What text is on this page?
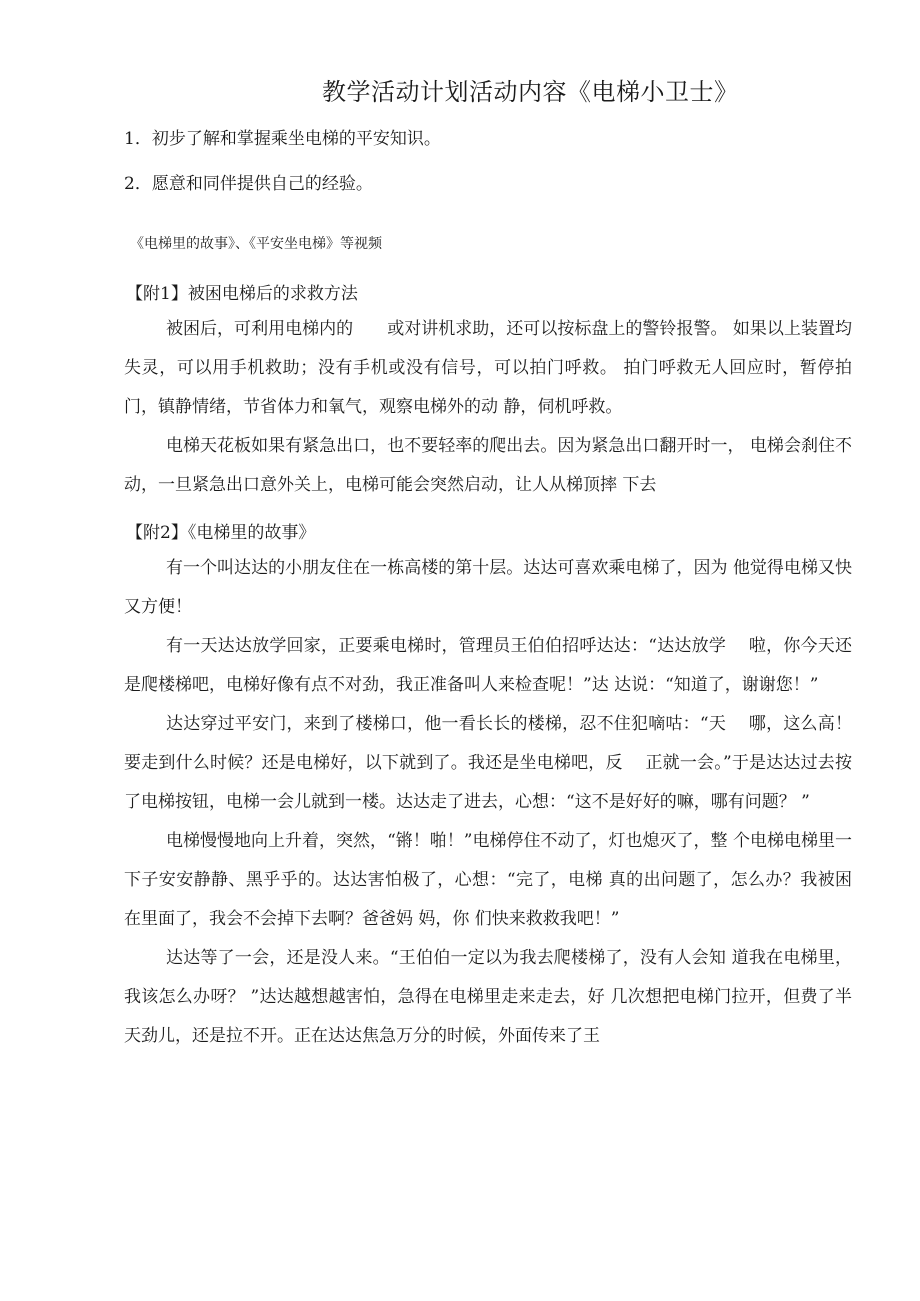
教学活动计划活动内容《电梯小卫士》
1．初步了解和掌握乘坐电梯的平安知识。
2．愿意和同伴提供自己的经验。
《电梯里的故事》、《平安坐电梯》等视频
【附1】被困电梯后的求救方法

被困后，可利用电梯内的　　或对讲机求助，还可以按标盘上的警铃报警。 如果以上装置均失灵，可以用手机救助；没有手机或没有信号，可以拍门呼救。 拍门呼救无人回应时，暂停拍门，镇静情绪，节省体力和氧气，观察电梯外的动 静，伺机呼救。

电梯天花板如果有紧急出口，也不要轻率的爬出去。因为紧急出口翻开时一， 电梯会刹住不动，一旦紧急出口意外关上，电梯可能会突然启动，让人从梯顶摔 下去

【附2】《电梯里的故事》

有一个叫达达的小朋友住在一栋高楼的第十层。达达可喜欢乘电梯了，因为 他觉得电梯又快又方便！

有一天达达放学回家，正要乘电梯时，管理员王伯伯招呼达达：“达达放学　 啦，你今天还是爬楼梯吧，电梯好像有点不对劲，我正准备叫人来检查呢！”达 达说：“知道了，谢谢您！”

达达穿过平安门，来到了楼梯口，他一看长长的楼梯，忍不住犯嘀咕：“天　 哪，这么高！要走到什么时候？还是电梯好，以下就到了。我还是坐电梯吧，反　 正就一会。”于是达达过去按了电梯按钮，电梯一会儿就到一楼。达达走了进去，心想：“这不是好好的嘛，哪有问题？ ”

电梯慢慢地向上升着，突然，“锵！啪！”电梯停住不动了，灯也熄灭了，整 个电梯电梯里一下子安安静静、黑乎乎的。达达害怕极了，心想：“完了，电梯 真的出问题了，怎么办？我被困在里面了，我会不会掉下去啊？爸爸妈 妈，你 们快来救救我吧！”

达达等了一会，还是没人来。“王伯伯一定以为我去爬楼梯了，没有人会知 道我在电梯里，我该怎么办呀？ ”达达越想越害怕，急得在电梯里走来走去，好 几次想把电梯门拉开，但费了半天劲儿，还是拉不开。正在达达焦急万分的时候，外面传来了王
